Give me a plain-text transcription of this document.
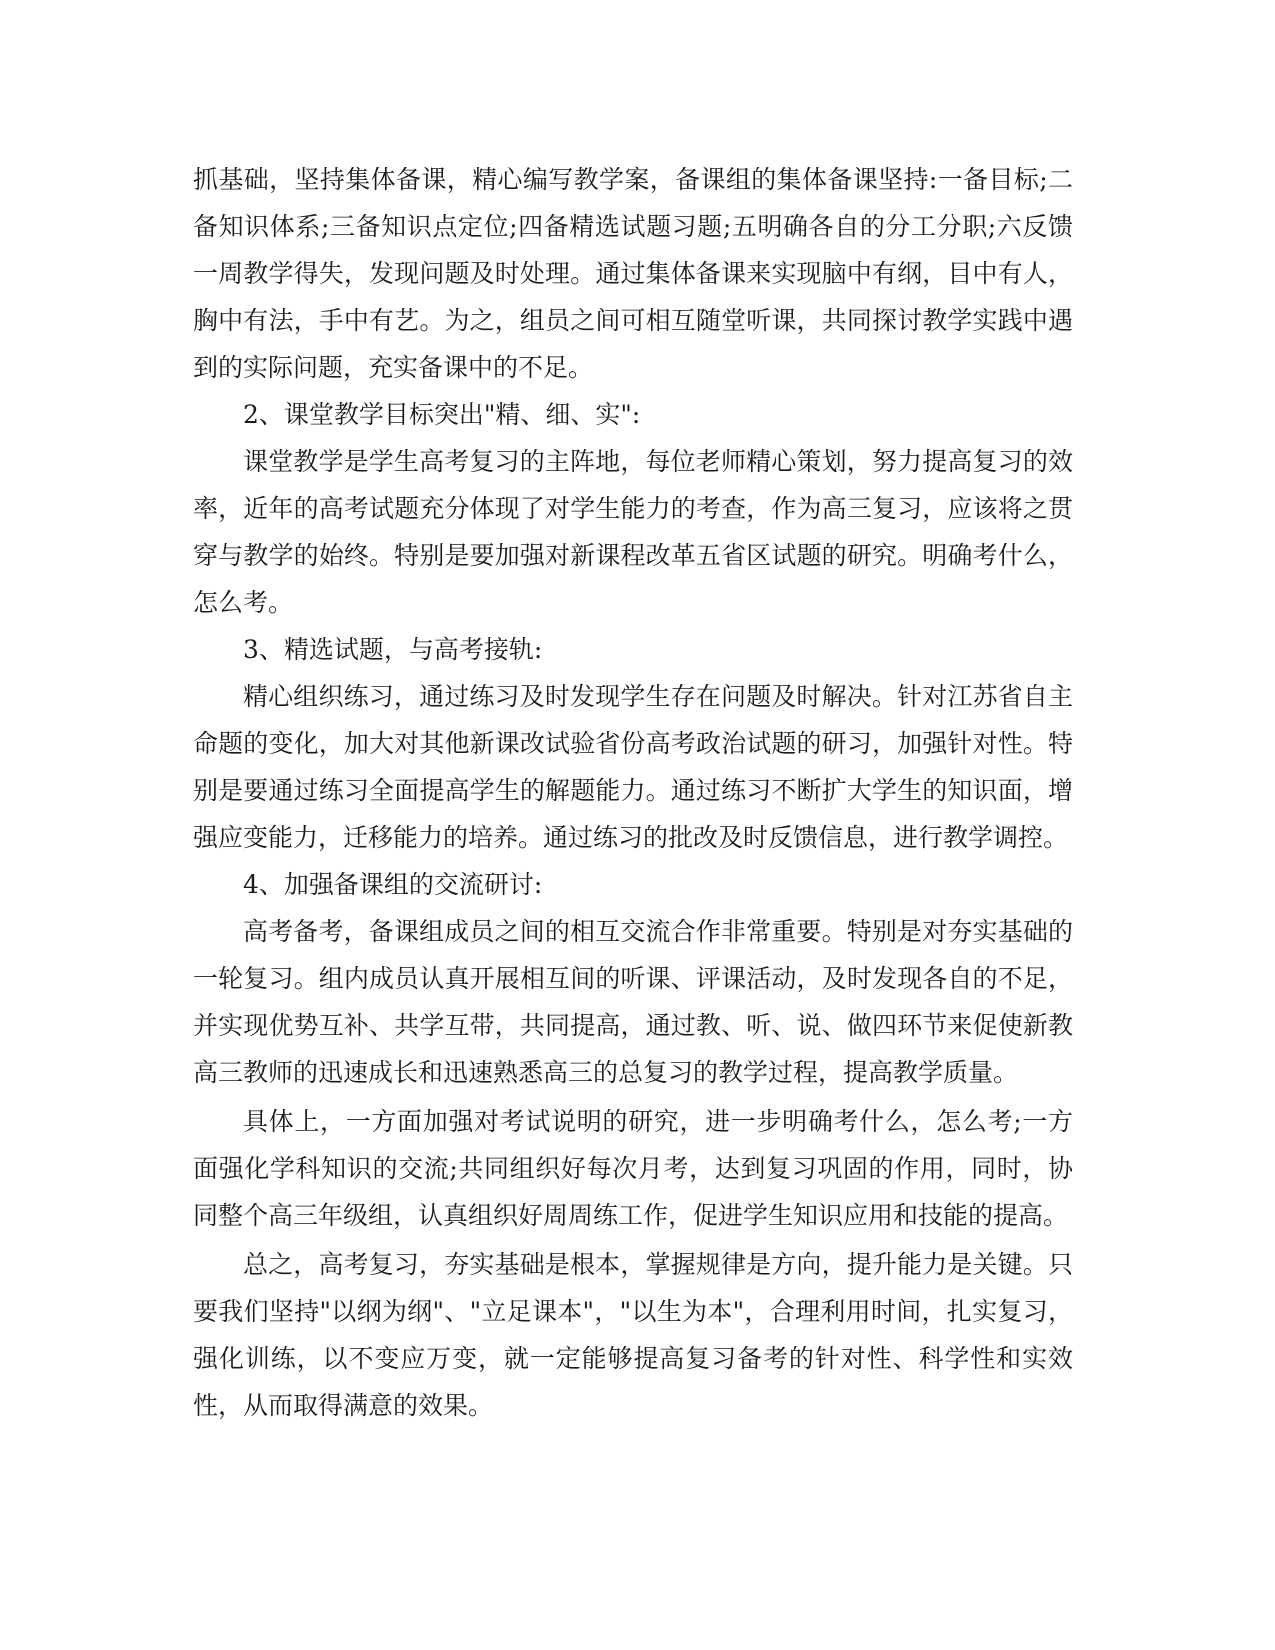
抓基础，坚持集体备课，精心编写教学案，备课组的集体备课坚持:一备目标;二备知识体系;三备知识点定位;四备精选试题习题;五明确各自的分工分职;六反馈一周教学得失，发现问题及时处理。通过集体备课来实现脑中有纲，目中有人，胸中有法，手中有艺。为之，组员之间可相互随堂听课，共同探讨教学实践中遇到的实际问题，充实备课中的不足。

2、课堂教学目标突出"精、细、实":

课堂教学是学生高考复习的主阵地，每位老师精心策划，努力提高复习的效率，近年的高考试题充分体现了对学生能力的考查，作为高三复习，应该将之贯穿与教学的始终。特别是要加强对新课程改革五省区试题的研究。明确考什么，怎么考。

3、精选试题，与高考接轨:

精心组织练习，通过练习及时发现学生存在问题及时解决。针对江苏省自主命题的变化，加大对其他新课改试验省份高考政治试题的研习，加强针对性。特别是要通过练习全面提高学生的解题能力。通过练习不断扩大学生的知识面，增强应变能力，迁移能力的培养。通过练习的批改及时反馈信息，进行教学调控。

4、加强备课组的交流研讨:

高考备考，备课组成员之间的相互交流合作非常重要。特别是对夯实基础的一轮复习。组内成员认真开展相互间的听课、评课活动，及时发现各自的不足，并实现优势互补、共学互带，共同提高，通过教、听、说、做四环节来促使新教高三教师的迅速成长和迅速熟悉高三的总复习的教学过程，提高教学质量。

具体上，一方面加强对考试说明的研究，进一步明确考什么，怎么考;一方面强化学科知识的交流;共同组织好每次月考，达到复习巩固的作用，同时，协同整个高三年级组，认真组织好周周练工作，促进学生知识应用和技能的提高。

总之，高考复习，夯实基础是根本，掌握规律是方向，提升能力是关键。只要我们坚持"以纲为纲"、"立足课本"，"以生为本"，合理利用时间，扎实复习，强化训练，以不变应万变，就一定能够提高复习备考的针对性、科学性和实效性，从而取得满意的效果。
